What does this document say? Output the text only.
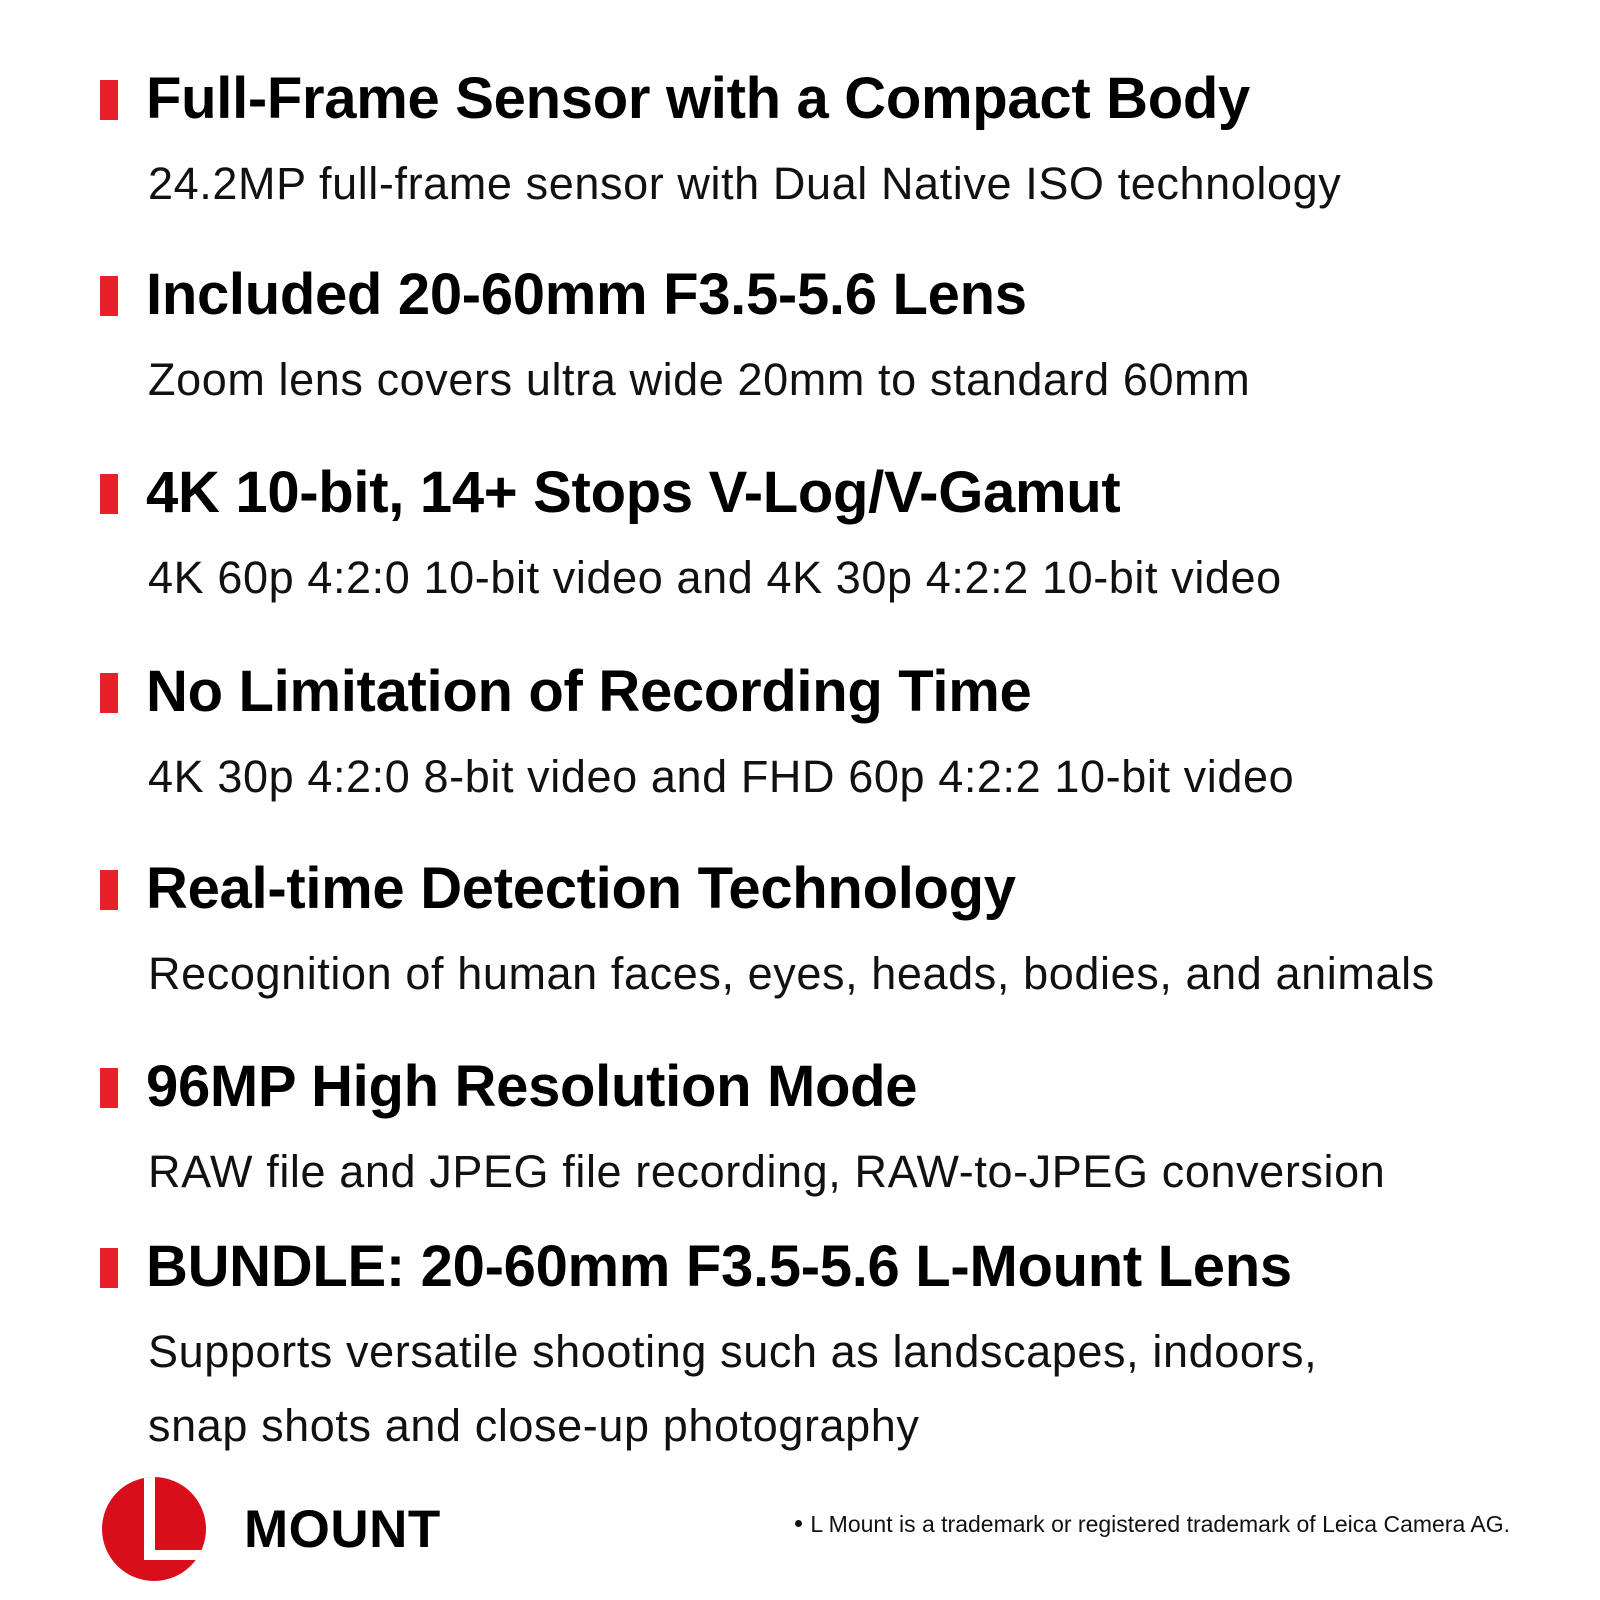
Full-Frame Sensor with a Compact Body

24.2MP full-frame sensor with Dual Native ISO technology

Included 20-60mm F3.5-5.6 Lens

Zoom lens covers ultra wide 20mm to standard 60mm

4K 10-bit, 14+ Stops V-Log/V-Gamut

4K 60p 4:2:0 10-bit video and 4K 30p 4:2:2 10-bit video

No Limitation of Recording Time

4K 30p 4:2:0 8-bit video and FHD 60p 4:2:2 10-bit video

Real-time Detection Technology

Recognition of human faces, eyes, heads, bodies, and animals

96MP High Resolution Mode

RAW file and JPEG file recording, RAW-to-JPEG conversion

BUNDLE: 20-60mm F3.5-5.6 L-Mount Lens

Supports versatile shooting such as landscapes, indoors,

snap shots and close-up photography

MOUNT	L Mount is a trademark or registered trademark of Leica Camera AG.
